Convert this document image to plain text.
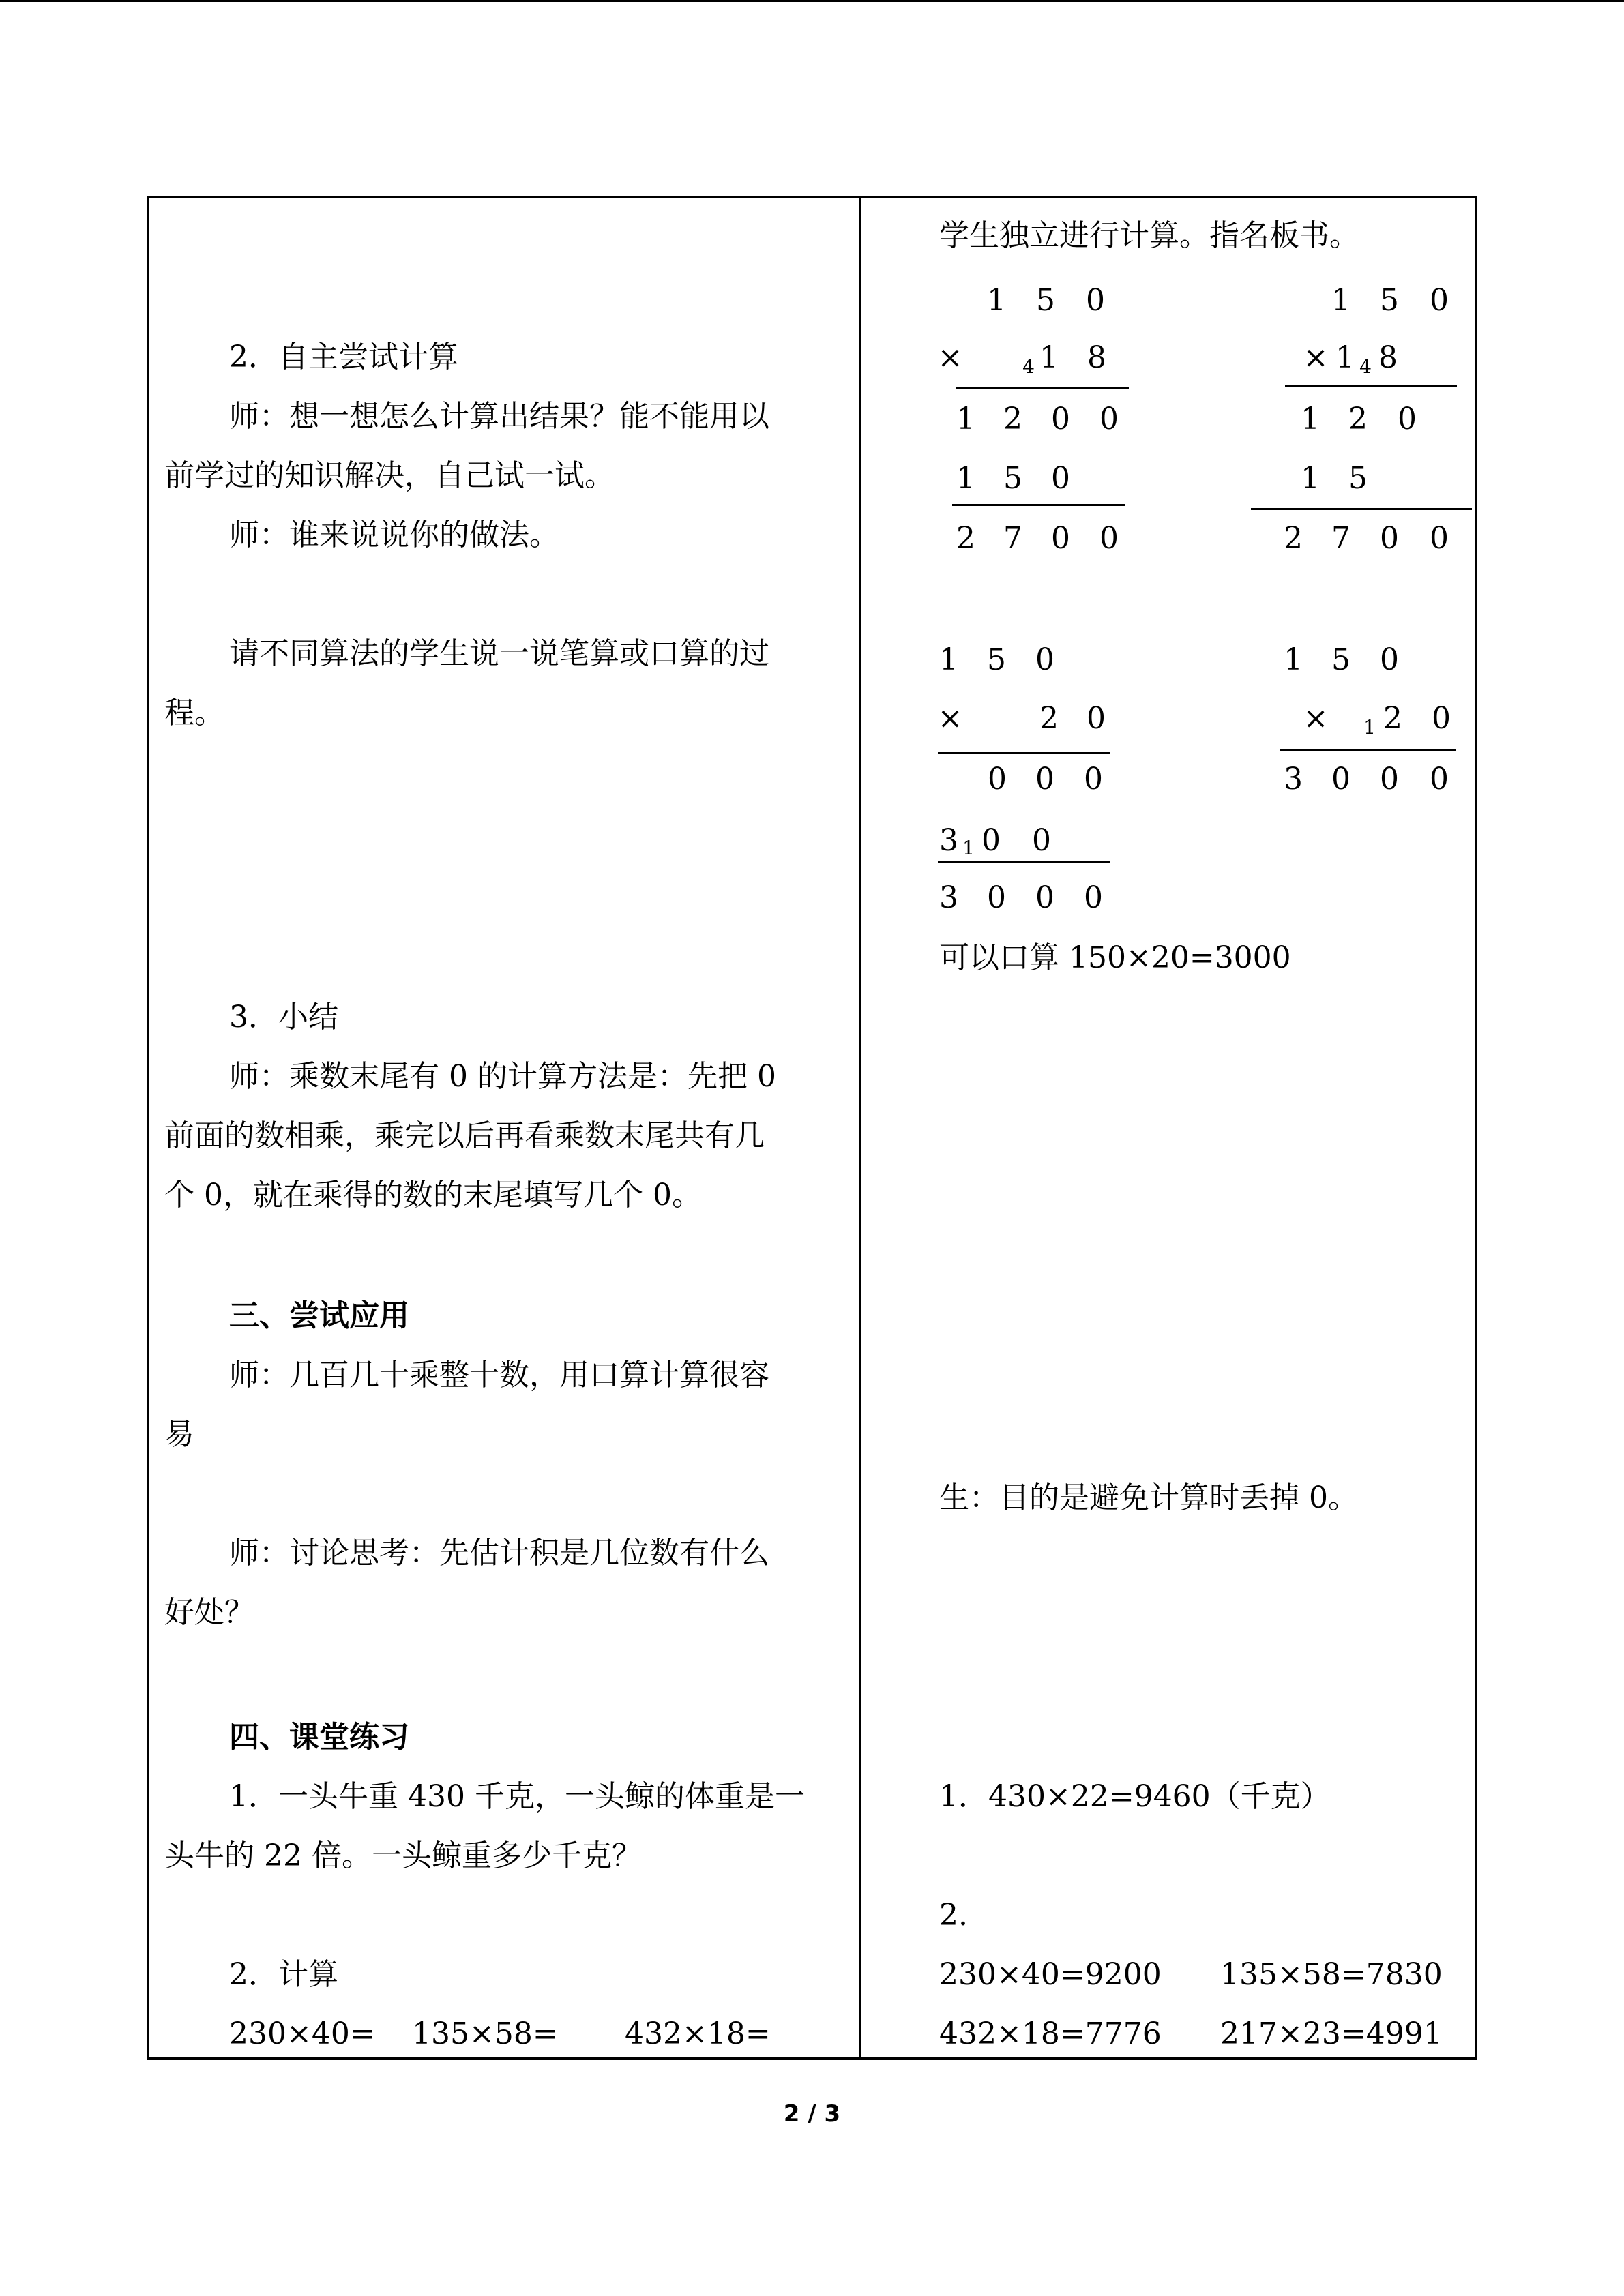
2．自主尝试计算
师：想一想怎么计算出结果？能不能用以
前学过的知识解决，自己试一试。
师：谁来说说你的做法。
请不同算法的学生说一说笔算或口算的过
程。
3．小结
师：乘数末尾有 0 的计算方法是：先把 0
前面的数相乘，乘完以后再看乘数末尾共有几
个 0，就在乘得的数的末尾填写几个 0。
三、尝试应用
师：几百几十乘整十数，用口算计算很容
易
师：讨论思考：先估计积是几位数有什么
好处？
四、课堂练习
1．一头牛重 430 千克，一头鲸的体重是一
头牛的 22 倍。一头鲸重多少千克？
2．计算
230×40= 135×58= 432×18=
学生独立进行计算。指名板书。
1	5	0
×	4 1 8
1 2 0 0
1 5 0
2 7 0 0
1 5	0
× 1 4 8
1 2	0
1 5
2 7 0	0
1 5 0
×	2 0
0 0 0
3 1 0	0
3 0 0 0
1 5 0
×	1 2 0
3 0 0	0
可以口算 150×20=3000
生：目的是避免计算时丢掉 0。
1．430×22=9460（千克）
2.
230×40=9200 135×58=7830
432×18=7776 217×23=4991
2 / 3
